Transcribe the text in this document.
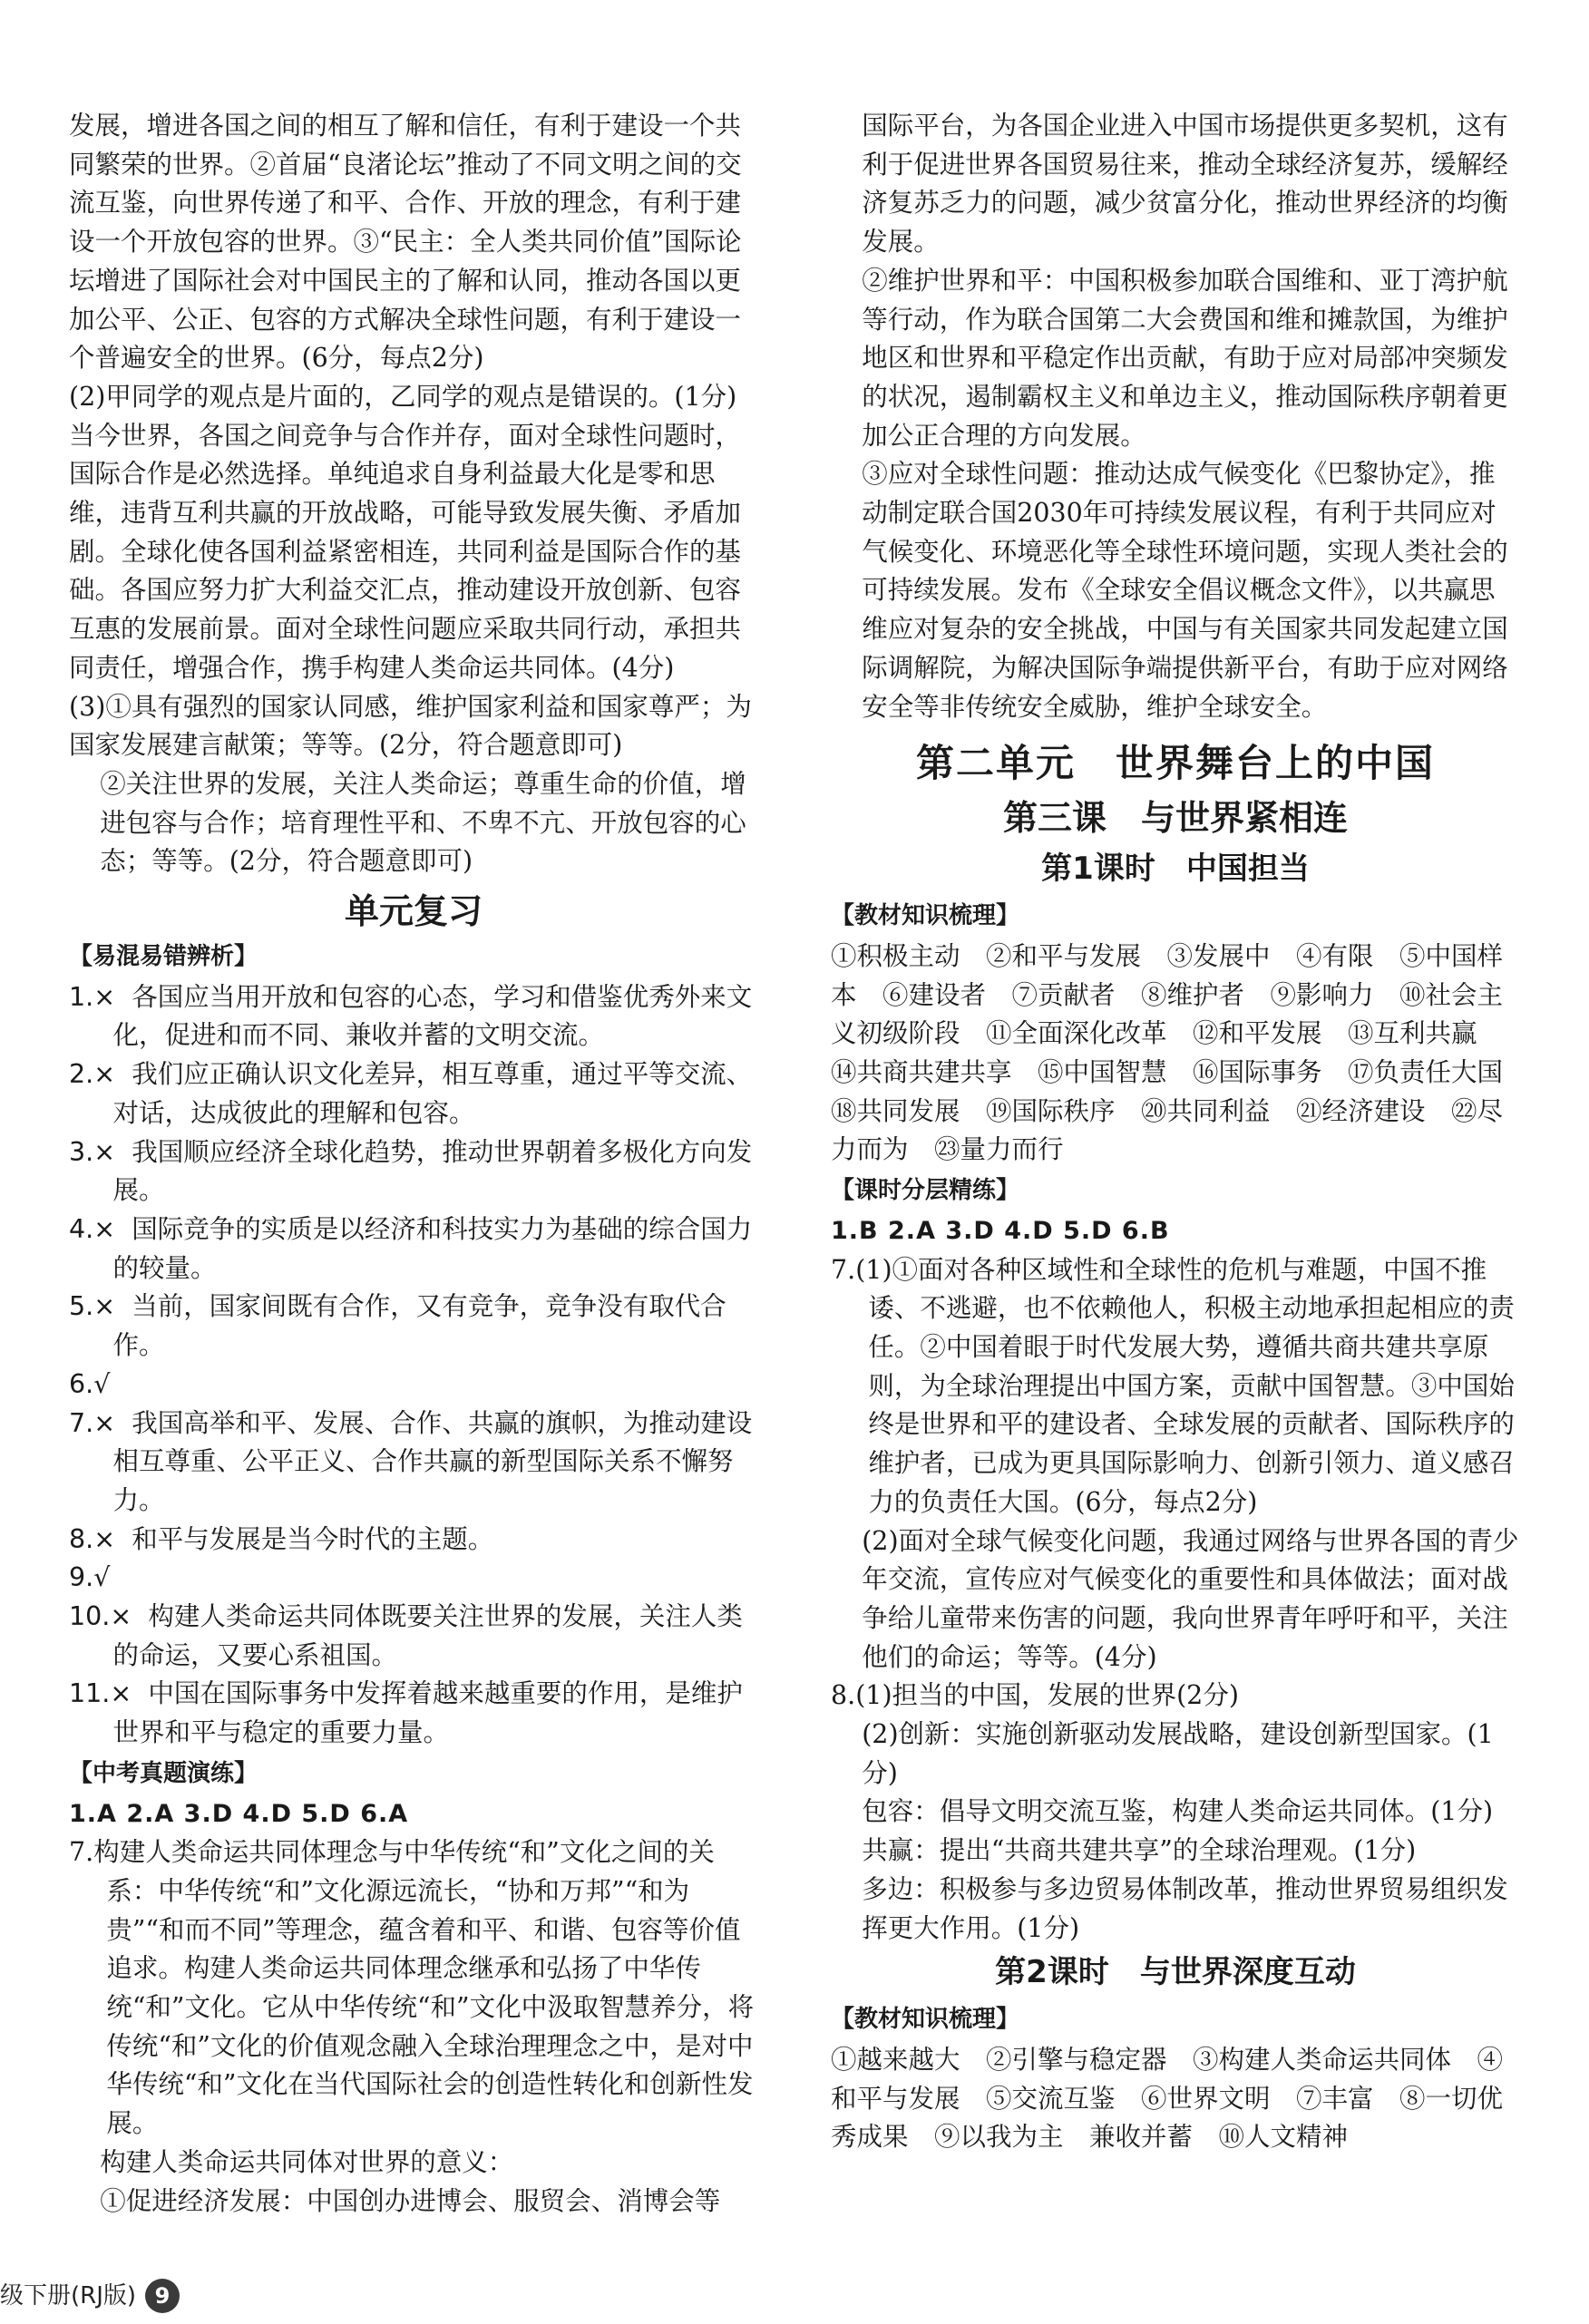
发展，增进各国之间的相互了解和信任，有利于建设一个共同繁荣的世界。②首届“良渚论坛”推动了不同文明之间的交流互鉴，向世界传递了和平、合作、开放的理念，有利于建设一个开放包容的世界。③“民主：全人类共同价值”国际论坛增进了国际社会对中国民主的了解和认同，推动各国以更加公平、公正、包容的方式解决全球性问题，有利于建设一个普遍安全的世界。(6分，每点2分)

(2)甲同学的观点是片面的，乙同学的观点是错误的。(1分)当今世界，各国之间竞争与合作并存，面对全球性问题时，国际合作是必然选择。单纯追求自身利益最大化是零和思维，违背互利共赢的开放战略，可能导致发展失衡、矛盾加剧。全球化使各国利益紧密相连，共同利益是国际合作的基础。各国应努力扩大利益交汇点，推动建设开放创新、包容互惠的发展前景。面对全球性问题应采取共同行动，承担共同责任，增强合作，携手构建人类命运共同体。(4分)

(3)①具有强烈的国家认同感，维护国家利益和国家尊严；为国家发展建言献策；等等。(2分，符合题意即可)

②关注世界的发展，关注人类命运；尊重生命的价值，增进包容与合作；培育理性平和、不卑不亢、开放包容的心态；等等。(2分，符合题意即可)

单元复习

【易混易错辨析】

1.× 各国应当用开放和包容的心态，学习和借鉴优秀外来文化，促进和而不同、兼收并蓄的文明交流。

2.× 我们应正确认识文化差异，相互尊重，通过平等交流、对话，达成彼此的理解和包容。

3.× 我国顺应经济全球化趋势，推动世界朝着多极化方向发展。

4.× 国际竞争的实质是以经济和科技实力为基础的综合国力的较量。

5.× 当前，国家间既有合作，又有竞争，竞争没有取代合作。

6.√

7.× 我国高举和平、发展、合作、共赢的旗帜，为推动建设相互尊重、公平正义、合作共赢的新型国际关系不懈努力。

8.× 和平与发展是当今时代的主题。

9.√

10.× 构建人类命运共同体既要关注世界的发展，关注人类的命运，又要心系祖国。

11.× 中国在国际事务中发挥着越来越重要的作用，是维护世界和平与稳定的重要力量。

【中考真题演练】

1.A 2.A 3.D 4.D 5.D 6.A

7.构建人类命运共同体理念与中华传统“和”文化之间的关系：中华传统“和”文化源远流长，“协和万邦”“和为贵”“和而不同”等理念，蕴含着和平、和谐、包容等价值追求。构建人类命运共同体理念继承和弘扬了中华传统“和”文化。它从中华传统“和”文化中汲取智慧养分，将传统“和”文化的价值观念融入全球治理理念之中，是对中华传统“和”文化在当代国际社会的创造性转化和创新性发展。

构建人类命运共同体对世界的意义：

①促进经济发展：中国创办进博会、服贸会、消博会等

国际平台，为各国企业进入中国市场提供更多契机，这有利于促进世界各国贸易往来，推动全球经济复苏，缓解经济复苏乏力的问题，减少贫富分化，推动世界经济的均衡发展。

②维护世界和平：中国积极参加联合国维和、亚丁湾护航等行动，作为联合国第二大会费国和维和摊款国，为维护地区和世界和平稳定作出贡献，有助于应对局部冲突频发的状况，遏制霸权主义和单边主义，推动国际秩序朝着更加公正合理的方向发展。

③应对全球性问题：推动达成气候变化《巴黎协定》，推动制定联合国2030年可持续发展议程，有利于共同应对气候变化、环境恶化等全球性环境问题，实现人类社会的可持续发展。发布《全球安全倡议概念文件》，以共赢思维应对复杂的安全挑战，中国与有关国家共同发起建立国际调解院，为解决国际争端提供新平台，有助于应对网络安全等非传统安全威胁，维护全球安全。

第二单元　世界舞台上的中国
第三课　与世界紧相连
第1课时　中国担当

【教材知识梳理】

①积极主动　②和平与发展　③发展中　④有限　⑤中国样本　⑥建设者　⑦贡献者　⑧维护者　⑨影响力　⑩社会主义初级阶段　⑪全面深化改革　⑫和平发展　⑬互利共赢　⑭共商共建共享　⑮中国智慧　⑯国际事务　⑰负责任大国　⑱共同发展　⑲国际秩序　⑳共同利益　㉑经济建设　㉒尽力而为　㉓量力而行

【课时分层精练】

1.B 2.A 3.D 4.D 5.D 6.B

7.(1)①面对各种区域性和全球性的危机与难题，中国不推诿、不逃避，也不依赖他人，积极主动地承担起相应的责任。②中国着眼于时代发展大势，遵循共商共建共享原则，为全球治理提出中国方案，贡献中国智慧。③中国始终是世界和平的建设者、全球发展的贡献者、国际秩序的维护者，已成为更具国际影响力、创新引领力、道义感召力的负责任大国。(6分，每点2分)

(2)面对全球气候变化问题，我通过网络与世界各国的青少年交流，宣传应对气候变化的重要性和具体做法；面对战争给儿童带来伤害的问题，我向世界青年呼吁和平，关注他们的命运；等等。(4分)

8.(1)担当的中国，发展的世界(2分)

(2)创新：实施创新驱动发展战略，建设创新型国家。(1分)

包容：倡导文明交流互鉴，构建人类命运共同体。(1分)

共赢：提出“共商共建共享”的全球治理观。(1分)

多边：积极参与多边贸易体制改革，推动世界贸易组织发挥更大作用。(1分)

第2课时　与世界深度互动

【教材知识梳理】

①越来越大　②引擎与稳定器　③构建人类命运共同体　④和平与发展　⑤交流互鉴　⑥世界文明　⑦丰富　⑧一切优秀成果　⑨以我为主　兼收并蓄　⑩人文精神

级下册(RJ版) 9
